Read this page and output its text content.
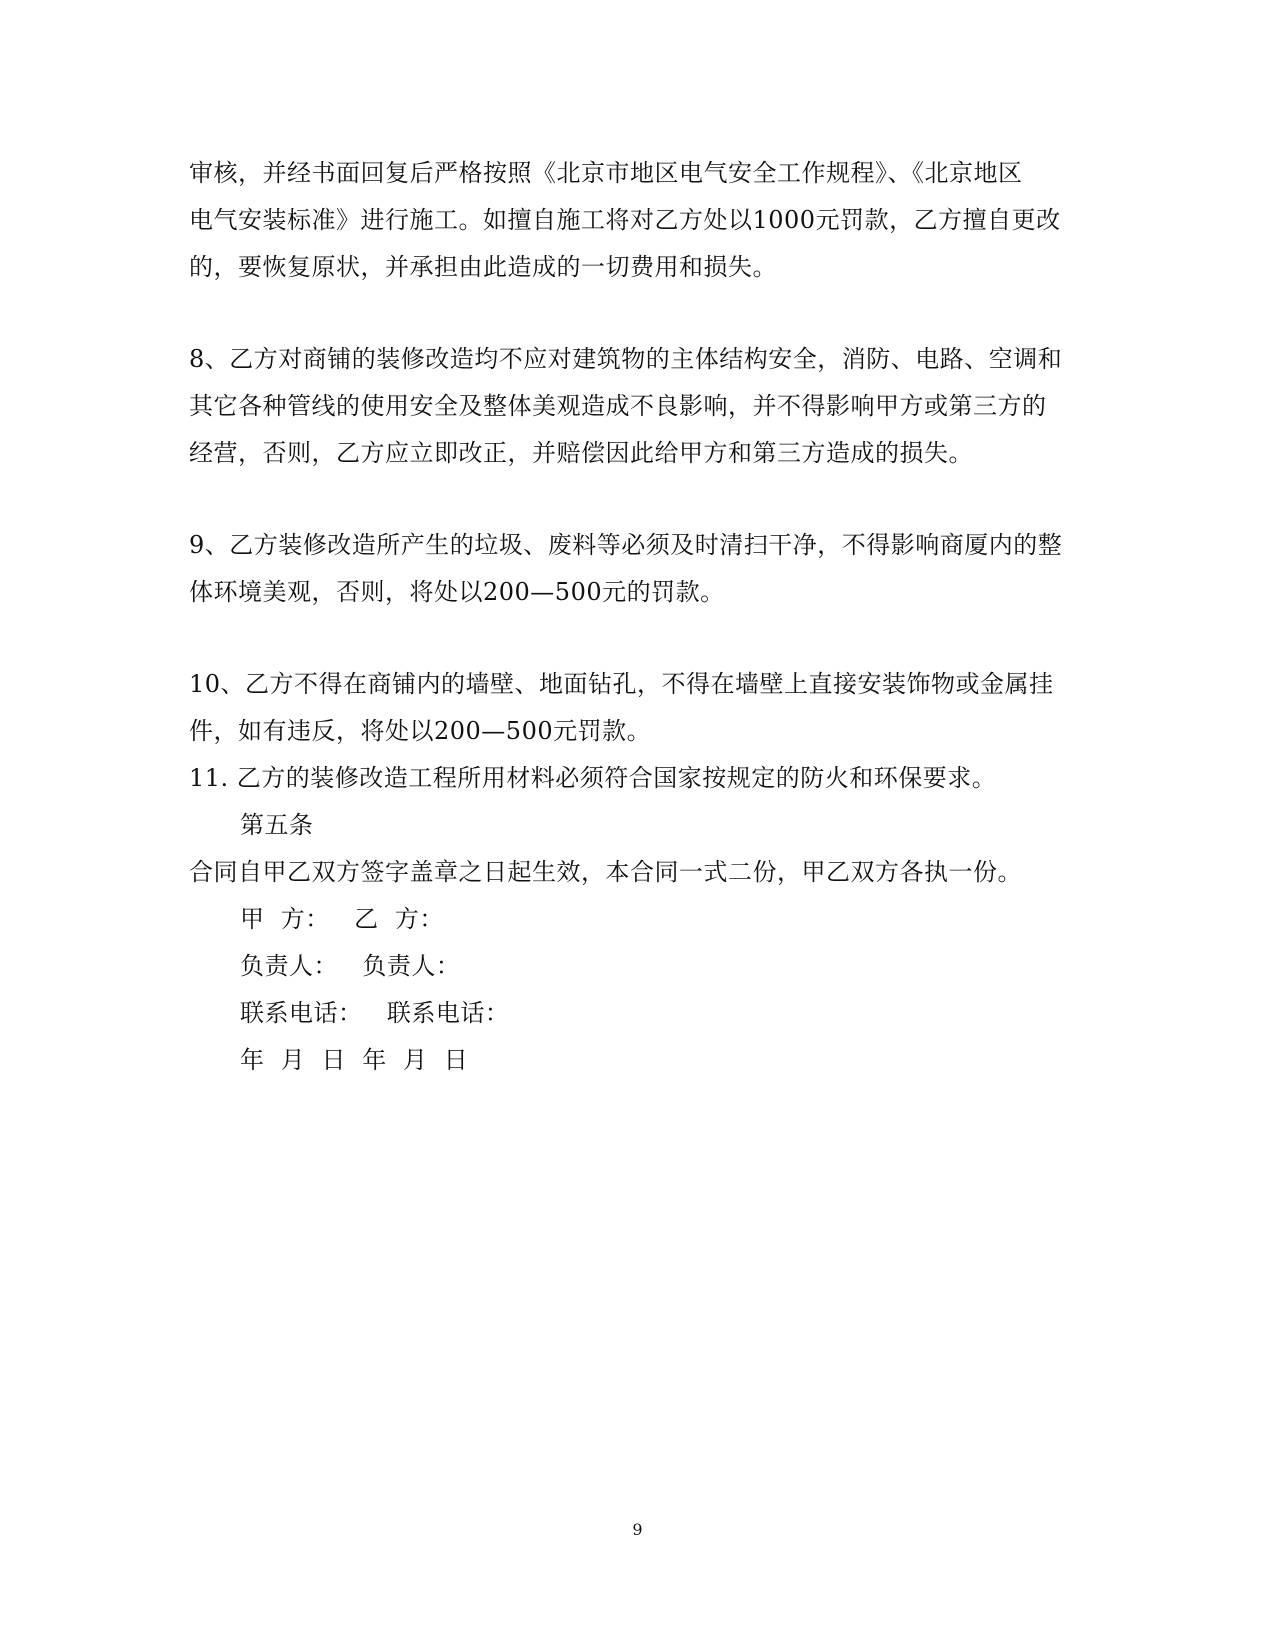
审核，并经书面回复后严格按照《北京市地区电气安全工作规程》、《北京地区
电气安装标准》进行施工。如擅自施工将对乙方处以1000元罚款，乙方擅自更改
的，要恢复原状，并承担由此造成的一切费用和损失。
8、乙方对商铺的装修改造均不应对建筑物的主体结构安全，消防、电路、空调和
其它各种管线的使用安全及整体美观造成不良影响，并不得影响甲方或第三方的
经营，否则，乙方应立即改正，并赔偿因此给甲方和第三方造成的损失。
9、乙方装修改造所产生的垃圾、废料等必须及时清扫干净，不得影响商厦内的整
体环境美观，否则，将处以200—500元的罚款。
10、乙方不得在商铺内的墙壁、地面钻孔，不得在墙壁上直接安装饰物或金属挂
件，如有违反，将处以200—500元罚款。
11. 乙方的装修改造工程所用材料必须符合国家按规定的防火和环保要求。
第五条
合同自甲乙双方签字盖章之日起生效，本合同一式二份，甲乙双方各执一份。
甲  方：   乙  方：
负责人：   负责人：
联系电话：   联系电话：
年  月  日  年  月  日
9
